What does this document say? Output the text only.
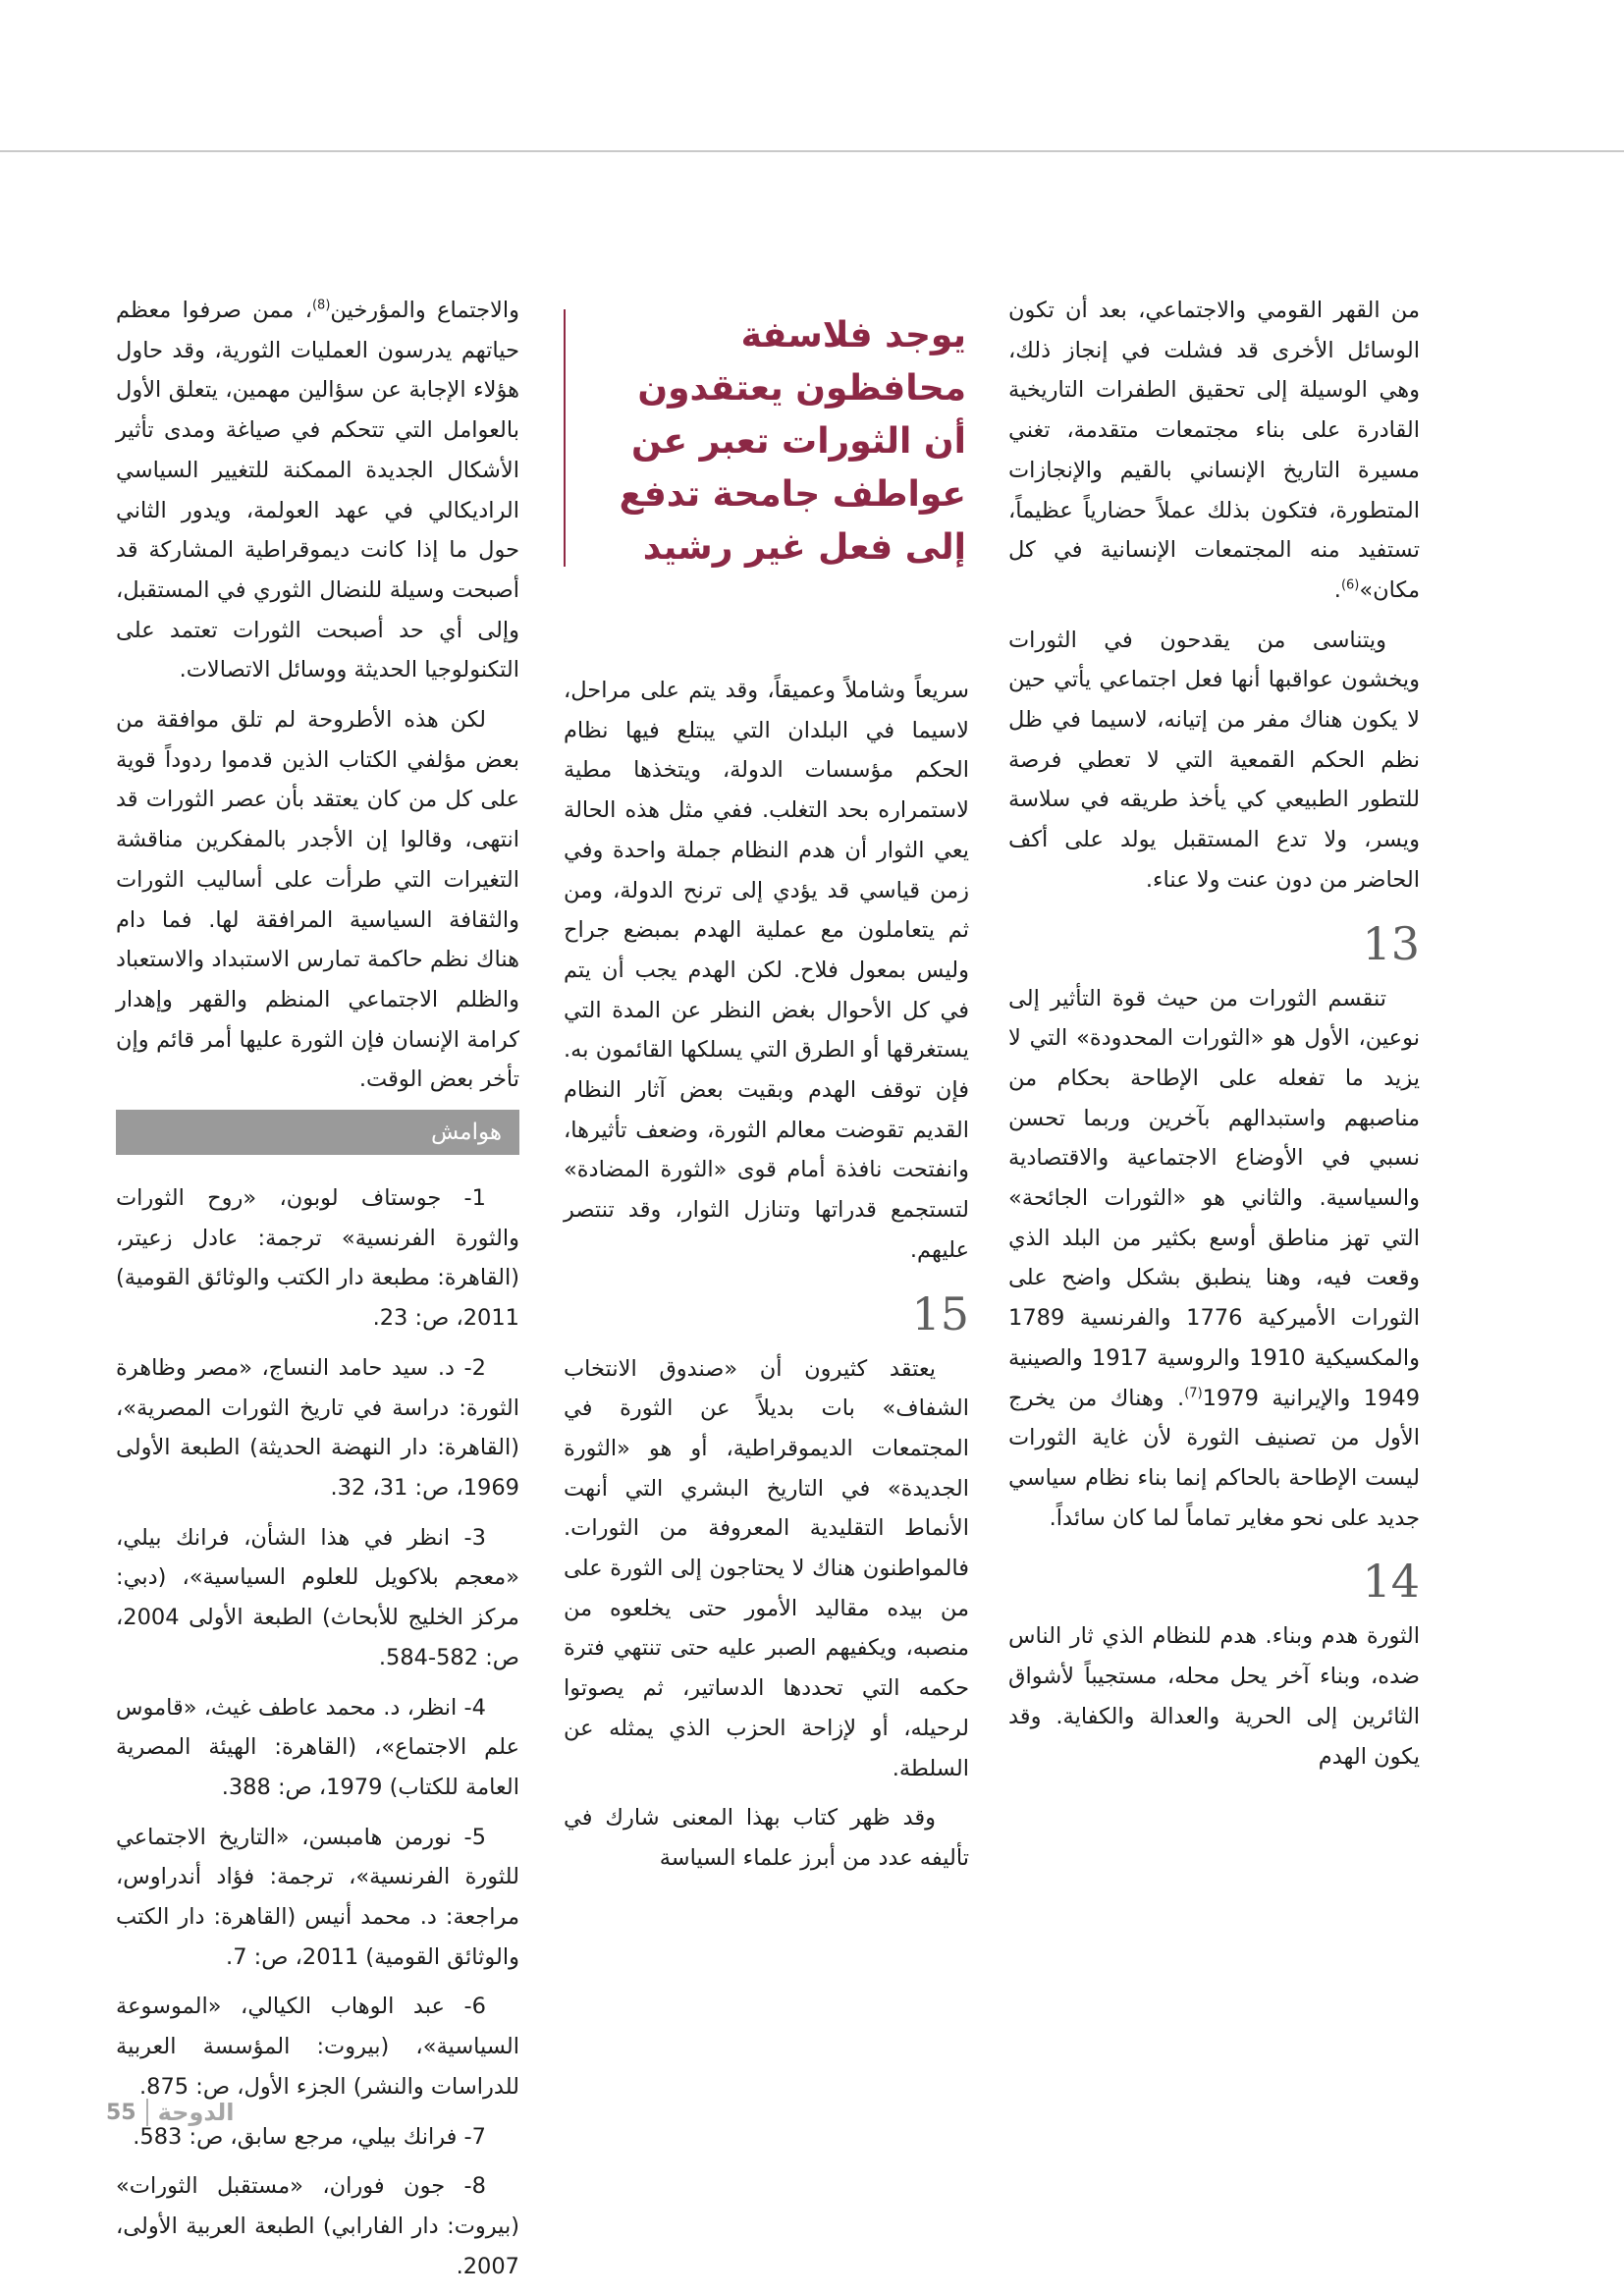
يوجد فلاسفة
محافظون يعتقدون
أن الثورات تعبر عن
عواطف جامحة تدفع
إلى فعل غير رشيد

من القهر القومي والاجتماعي، بعد أن تكون الوسائل الأخرى قد فشلت في إنجاز ذلك، وهي الوسيلة إلى تحقيق الطفرات التاريخية القادرة على بناء مجتمعات متقدمة، تغني مسيرة التاريخ الإنساني بالقيم والإنجازات المتطورة، فتكون بذلك عملاً حضارياً عظيماً، تستفيد منه المجتمعات الإنسانية في كل مكان»$^{(6)}$.

ويتناسى من يقدحون في الثورات ويخشون عواقبها أنها فعل اجتماعي يأتي حين لا يكون هناك مفر من إتيانه، لاسيما في ظل نظم الحكم القمعية التي لا تعطي فرصة للتطور الطبيعي كي يأخذ طريقه في سلاسة ويسر، ولا تدع المستقبل يولد على أكف الحاضر من دون عنت ولا عناء.

13

تنقسم الثورات من حيث قوة التأثير إلى نوعين، الأول هو «الثورات المحدودة» التي لا يزيد ما تفعله على الإطاحة بحكام من مناصبهم واستبدالهم بآخرين وربما تحسن نسبي في الأوضاع الاجتماعية والاقتصادية والسياسية. والثاني هو «الثورات الجائحة» التي تهز مناطق أوسع بكثير من البلد الذي وقعت فيه، وهنا ينطبق بشكل واضح على الثورات الأميركية 1776 والفرنسية 1789 والمكسيكية 1910 والروسية 1917 والصينية 1949 والإيرانية 1979$^{(7)}$. وهناك من يخرج الأول من تصنيف الثورة لأن غاية الثورات ليست الإطاحة بالحاكم إنما بناء نظام سياسي جديد على نحو مغاير تماماً لما كان سائداً.

14

الثورة هدم وبناء. هدم للنظام الذي ثار الناس ضده، وبناء آخر يحل محله، مستجيباً لأشواق الثائرين إلى الحرية والعدالة والكفاية. وقد يكون الهدم

سريعاً وشاملاً وعميقاً، وقد يتم على مراحل، لاسيما في البلدان التي يبتلع فيها نظام الحكم مؤسسات الدولة، ويتخذها مطية لاستمراره بحد التغلب. ففي مثل هذه الحالة يعي الثوار أن هدم النظام جملة واحدة وفي زمن قياسي قد يؤدي إلى ترنح الدولة، ومن ثم يتعاملون مع عملية الهدم بمبضع جراح وليس بمعول فلاح. لكن الهدم يجب أن يتم في كل الأحوال بغض النظر عن المدة التي يستغرقها أو الطرق التي يسلكها القائمون به. فإن توقف الهدم وبقيت بعض آثار النظام القديم تقوضت معالم الثورة، وضعف تأثيرها، وانفتحت نافذة أمام قوى «الثورة المضادة» لتستجمع قدراتها وتنازل الثوار، وقد تنتصر عليهم.

15

يعتقد كثيرون أن «صندوق الانتخاب الشفاف» بات بديلاً عن الثورة في المجتمعات الديموقراطية، أو هو «الثورة الجديدة» في التاريخ البشري التي أنهت الأنماط التقليدية المعروفة من الثورات. فالمواطنون هناك لا يحتاجون إلى الثورة على من بيده مقاليد الأمور حتى يخلعوه من منصبه، ويكفيهم الصبر عليه حتى تنتهي فترة حكمه التي تحددها الدساتير، ثم يصوتوا لرحيله، أو لإزاحة الحزب الذي يمثله عن السلطة.

وقد ظهر كتاب بهذا المعنى شارك في تأليفه عدد من أبرز علماء السياسة

والاجتماع والمؤرخين$^{(8)}$، ممن صرفوا معظم حياتهم يدرسون العمليات الثورية، وقد حاول هؤلاء الإجابة عن سؤالين مهمين، يتعلق الأول بالعوامل التي تتحكم في صياغة ومدى تأثير الأشكال الجديدة الممكنة للتغيير السياسي الراديكالي في عهد العولمة، ويدور الثاني حول ما إذا كانت ديموقراطية المشاركة قد أصبحت وسيلة للنضال الثوري في المستقبل، وإلى أي حد أصبحت الثورات تعتمد على التكنولوجيا الحديثة ووسائل الاتصالات.

لكن هذه الأطروحة لم تلق موافقة من بعض مؤلفي الكتاب الذين قدموا ردوداً قوية على كل من كان يعتقد بأن عصر الثورات قد انتهى، وقالوا إن الأجدر بالمفكرين مناقشة التغيرات التي طرأت على أساليب الثورات والثقافة السياسية المرافقة لها. فما دام هناك نظم حاكمة تمارس الاستبداد والاستعباد والظلم الاجتماعي المنظم والقهر وإهدار كرامة الإنسان فإن الثورة عليها أمر قائم وإن تأخر بعض الوقت.

هوامش

1- جوستاف لوبون، «روح الثورات والثورة الفرنسية» ترجمة: عادل زعيتر، (القاهرة: مطبعة دار الكتب والوثائق القومية) 2011، ص: 23.

2- د. سيد حامد النساج، «مصر وظاهرة الثورة: دراسة في تاريخ الثورات المصرية»، (القاهرة: دار النهضة الحديثة) الطبعة الأولى 1969، ص: 31، 32.

3- انظر في هذا الشأن، فرانك بيلي، «معجم بلاكويل للعلوم السياسية»، (دبي: مركز الخليج للأبحاث) الطبعة الأولى 2004، ص: 582-584.

4- انظر، د. محمد عاطف غيث، «قاموس علم الاجتماع»، (القاهرة: الهيئة المصرية العامة للكتاب) 1979، ص: 388.

5- نورمن هامبسن، «التاريخ الاجتماعي للثورة الفرنسية»، ترجمة: فؤاد أندراوس، مراجعة: د. محمد أنيس (القاهرة: دار الكتب والوثائق القومية) 2011، ص: 7.

6- عبد الوهاب الكيالي، «الموسوعة السياسية»، (بيروت: المؤسسة العربية للدراسات والنشر) الجزء الأول، ص: 875.

7- فرانك بيلي، مرجع سابق، ص: 583.

8- جون فوران، «مستقبل الثورات» (بيروت: دار الفارابي) الطبعة العربية الأولى، 2007.

الدوحة
55
